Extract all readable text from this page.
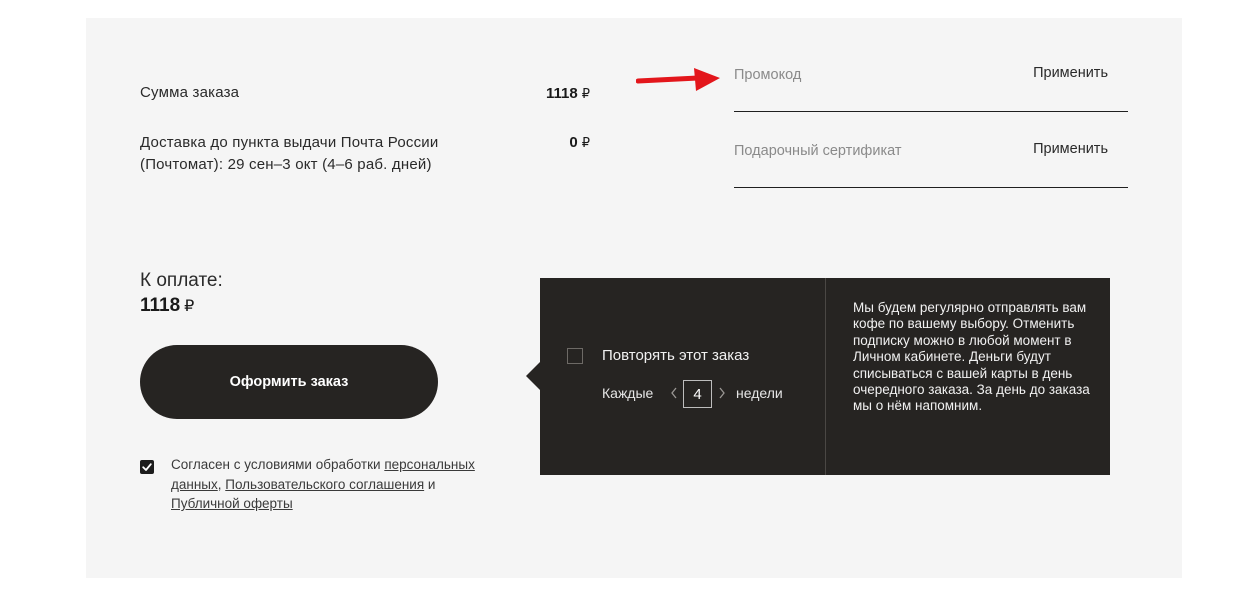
Сумма заказа	1118 ₽
Доставка до пункта выдачи Почта России (Почтомат): 29 сен–3 окт (4–6 раб. дней)
0 ₽
Промокод
Применить
Подарочный сертификат
Применить
К оплате:
1118 ₽
Оформить заказ
Согласен с условиями обработки персональных данных, Пользовательского соглашения и Публичной оферты
Повторять этот заказ
Каждые
4	недели
Мы будем регулярно отправлять вам кофе по вашему выбору. Отменить подписку можно в любой момент в Личном кабинете. Деньги будут списываться с вашей карты в день очередного заказа. За день до заказа мы о нём напомним.
